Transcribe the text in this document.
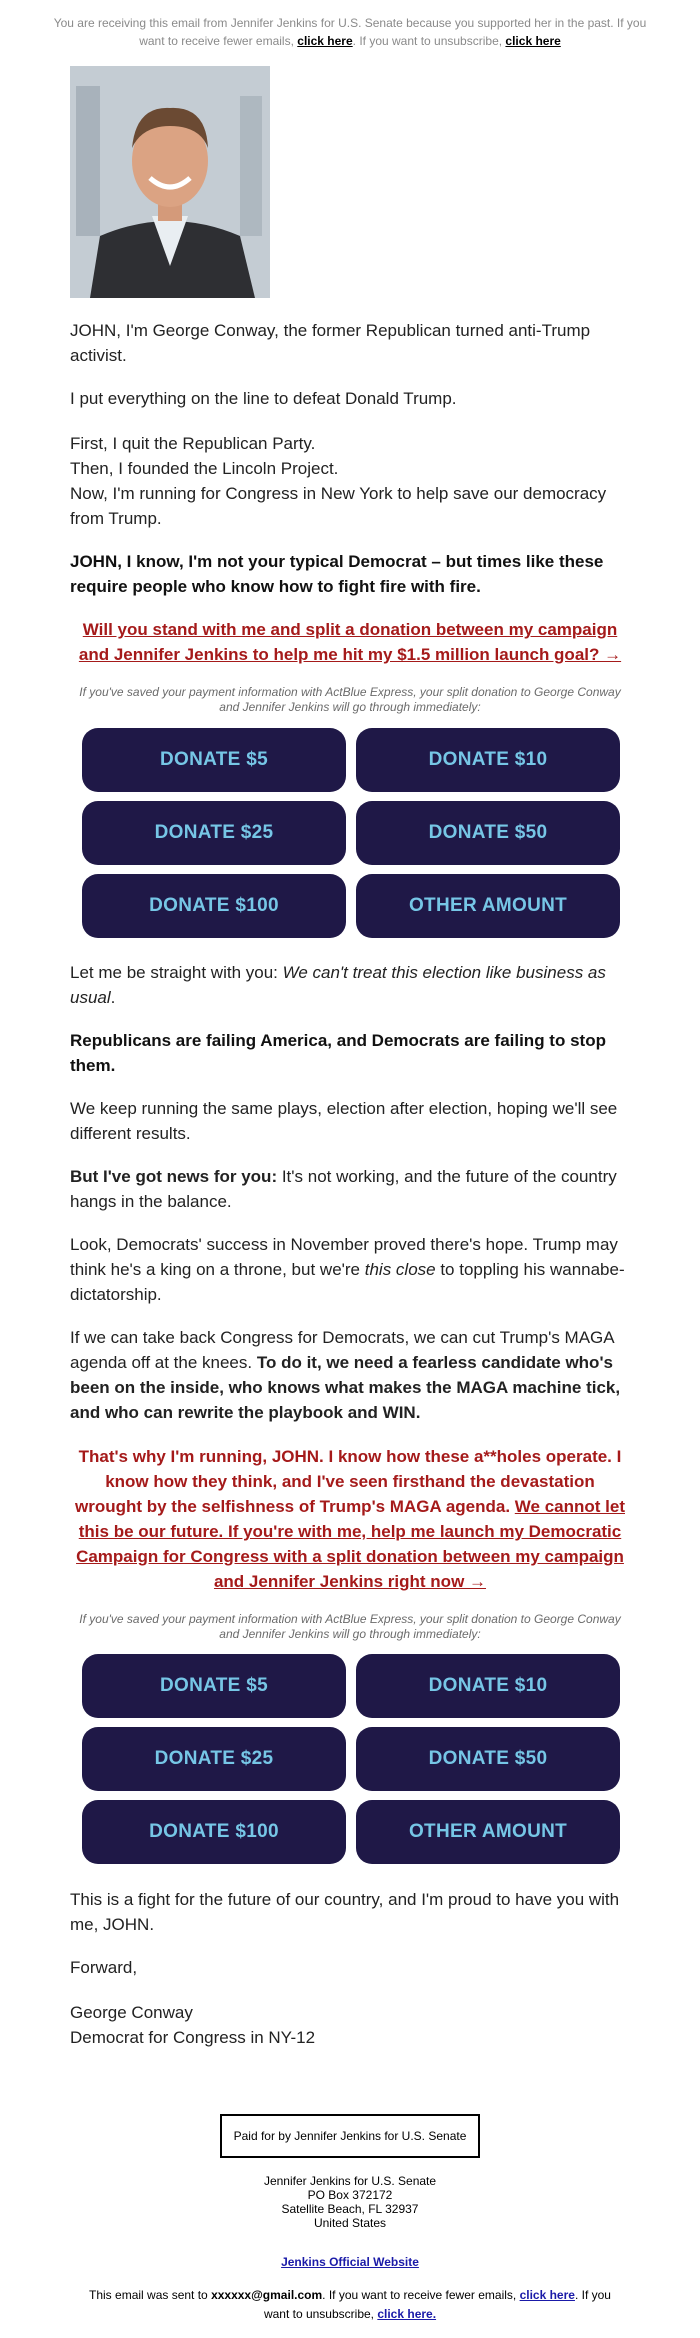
You are receiving this email from Jennifer Jenkins for U.S. Senate because you supported her in the past. If you want to receive fewer emails, click here. If you want to unsubscribe, click here

JOHN, I'm George Conway, the former Republican turned anti-Trump activist.

I put everything on the line to defeat Donald Trump.

First, I quit the Republican Party.
Then, I founded the Lincoln Project.
Now, I'm running for Congress in New York to help save our democracy from Trump.

JOHN, I know, I'm not your typical Democrat – but times like these require people who know how to fight fire with fire.

Will you stand with me and split a donation between my campaign and Jennifer Jenkins to help me hit my $1.5 million launch goal? →

If you've saved your payment information with ActBlue Express, your split donation to George Conway and Jennifer Jenkins will go through immediately:

DONATE $5	DONATE $10
DONATE $25	DONATE $50
DONATE $100	OTHER AMOUNT

Let me be straight with you: We can't treat this election like business as usual.

Republicans are failing America, and Democrats are failing to stop them.

We keep running the same plays, election after election, hoping we'll see different results.

But I've got news for you: It's not working, and the future of the country hangs in the balance.

Look, Democrats' success in November proved there's hope. Trump may think he's a king on a throne, but we're this close to toppling his wannabe-dictatorship.

If we can take back Congress for Democrats, we can cut Trump's MAGA agenda off at the knees. To do it, we need a fearless candidate who's been on the inside, who knows what makes the MAGA machine tick, and who can rewrite the playbook and WIN.

That's why I'm running, JOHN. I know how these a**holes operate. I know how they think, and I've seen firsthand the devastation wrought by the selfishness of Trump's MAGA agenda. We cannot let this be our future. If you're with me, help me launch my Democratic Campaign for Congress with a split donation between my campaign and Jennifer Jenkins right now →

If you've saved your payment information with ActBlue Express, your split donation to George Conway and Jennifer Jenkins will go through immediately:

DONATE $5	DONATE $10
DONATE $25	DONATE $50
DONATE $100	OTHER AMOUNT

This is a fight for the future of our country, and I'm proud to have you with me, JOHN.

Forward,

George Conway
Democrat for Congress in NY-12
Paid for by Jennifer Jenkins for U.S. Senate
Jennifer Jenkins for U.S. Senate
PO Box 372172
Satellite Beach, FL 32937
United States
Jenkins Official Website
This email was sent to xxxxxx@gmail.com. If you want to receive fewer emails, click here. If you want to unsubscribe, click here.
